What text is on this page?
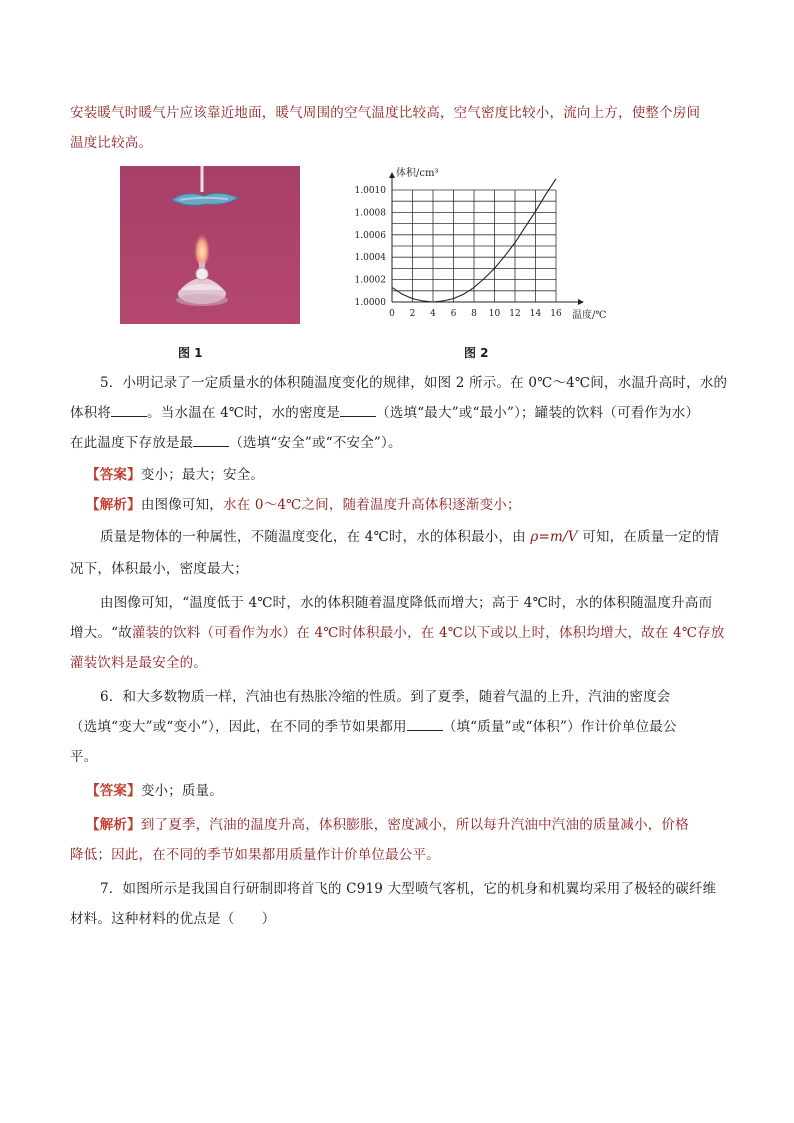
安装暖气时暖气片应该靠近地面，暖气周围的空气温度比较高，空气密度比较小，流向上方，使整个房间
温度比较高。
图 1
1.0000
1.0002
1.0004
1.0006
1.0008
1.0010
0 2 4 6 8 10 12 14 16
体积/cm³
温度/℃
图 2
5．小明记录了一定质量水的体积随温度变化的规律，如图 2 所示。在 0℃～4℃间，水温升高时，水的
体积将	。当水温在 4℃时，水的密度是	（选填“最大”或“最小”）；罐装的饮料（可看作为水）
在此温度下存放是最	（选填“安全”或“不安全”）。
【答案】变小；最大；安全。
【解析】由图像可知，水在 0～4℃之间，随着温度升高体积逐渐变小；
质量是物体的一种属性，不随温度变化，在 4℃时，水的体积最小，由 ρ=m/V 可知，在质量一定的情
况下，体积最小，密度最大；
由图像可知，“温度低于 4℃时，水的体积随着温度降低而增大；高于 4℃时，水的体积随温度升高而
增大。“故灌装的饮料（可看作为水）在 4℃时体积最小，在 4℃以下或以上时，体积均增大，故在 4℃存放
灌装饮料是最安全的。
6．和大多数物质一样，汽油也有热胀冷缩的性质。到了夏季，随着气温的上升，汽油的密度会
（选填“变大”或“变小”），因此，在不同的季节如果都用	（填“质量”或“体积”）作计价单位最公
平。
【答案】变小；质量。
【解析】到了夏季，汽油的温度升高，体积膨胀，密度减小，所以每升汽油中汽油的质量减小，价格
降低；因此，在不同的季节如果都用质量作计价单位最公平。
7．如图所示是我国自行研制即将首飞的 C919 大型喷气客机，它的机身和机翼均采用了极轻的碳纤维
材料。这种材料的优点是（　　）
